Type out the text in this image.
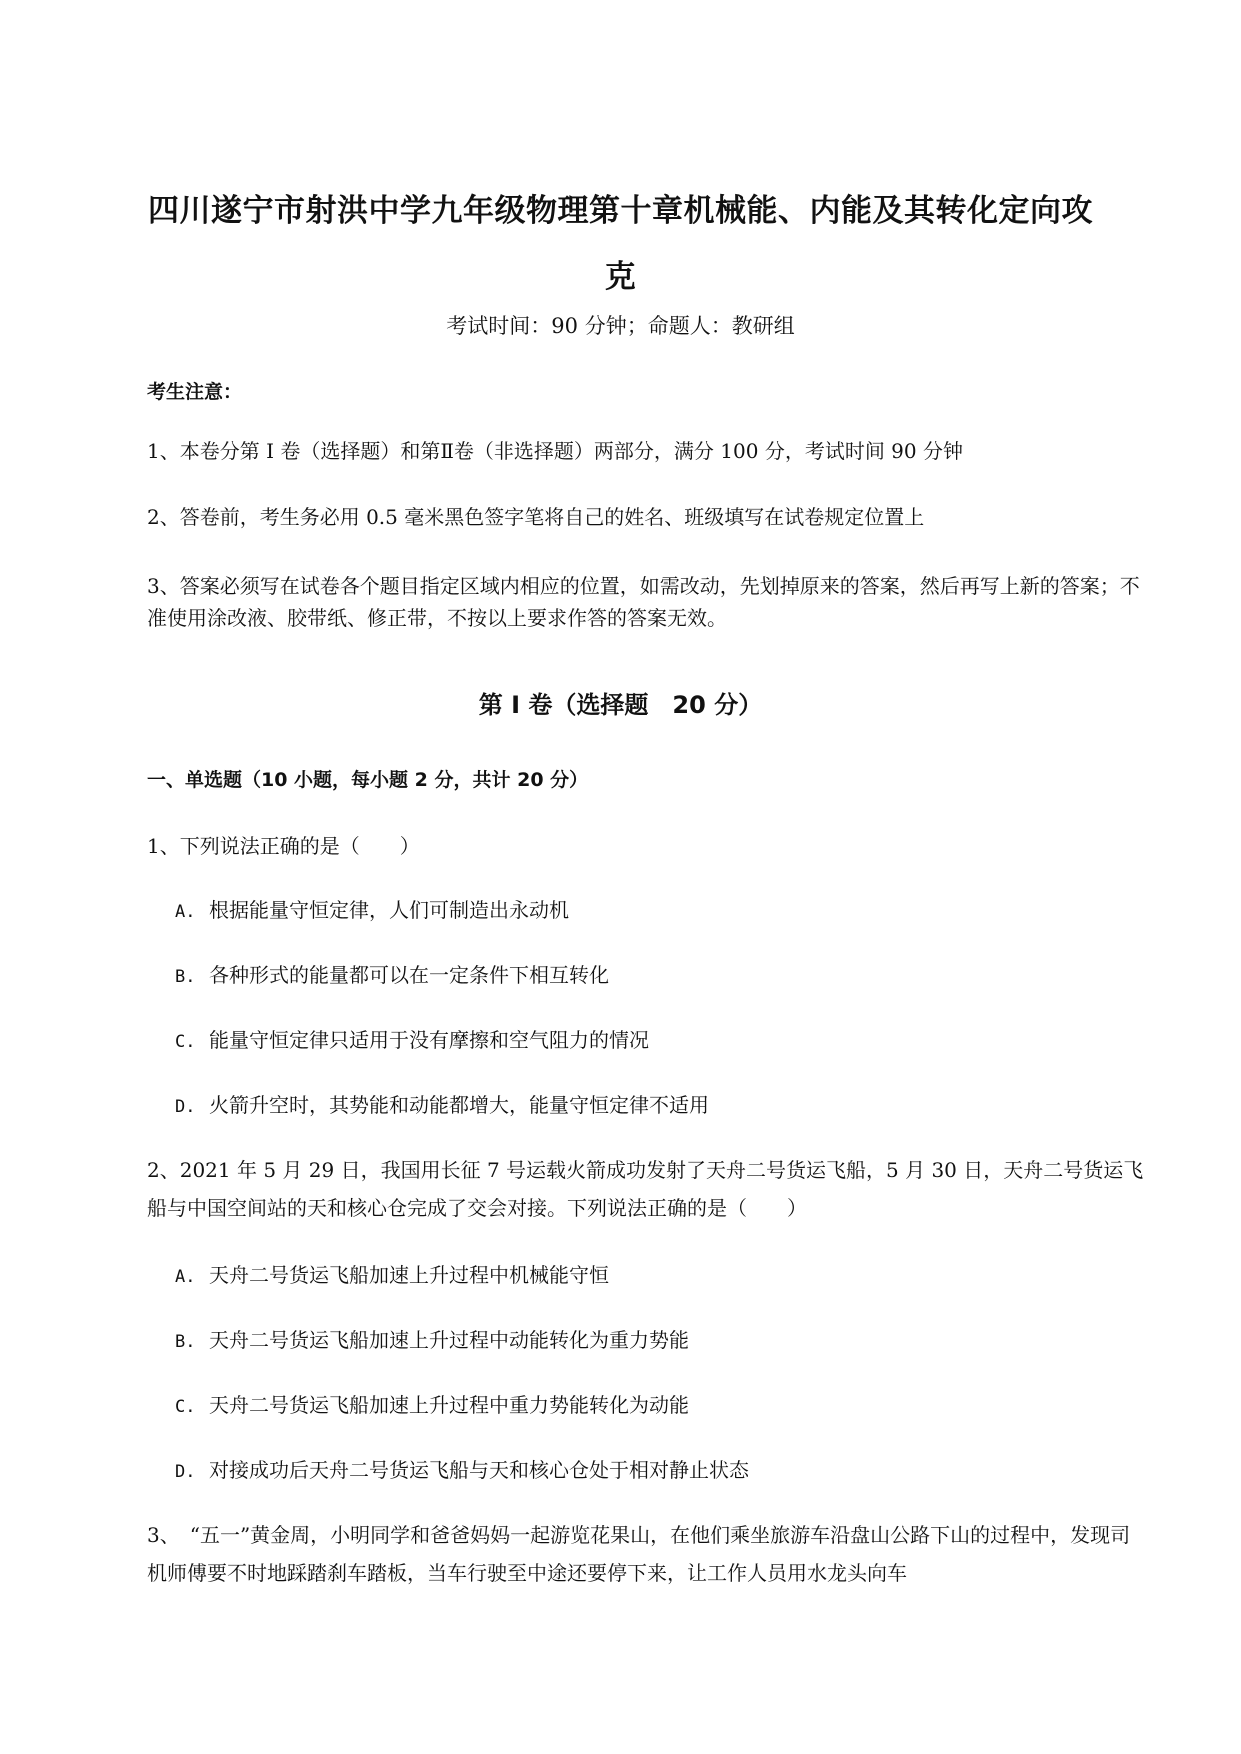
四川遂宁市射洪中学九年级物理第十章机械能、内能及其转化定向攻克
考试时间：90 分钟；命题人：教研组
考生注意：
1、本卷分第 I 卷（选择题）和第Ⅱ卷（非选择题）两部分，满分 100 分，考试时间 90 分钟
2、答卷前，考生务必用 0.5 毫米黑色签字笔将自己的姓名、班级填写在试卷规定位置上
3、答案必须写在试卷各个题目指定区域内相应的位置，如需改动，先划掉原来的答案，然后再写上新的答案；不准使用涂改液、胶带纸、修正带，不按以上要求作答的答案无效。
第 I 卷（选择题　20 分）
一、单选题（10 小题，每小题 2 分，共计 20 分）
1、下列说法正确的是（　　）
A. 根据能量守恒定律，人们可制造出永动机
B. 各种形式的能量都可以在一定条件下相互转化
C. 能量守恒定律只适用于没有摩擦和空气阻力的情况
D. 火箭升空时，其势能和动能都增大，能量守恒定律不适用
2、2021 年 5 月 29 日，我国用长征 7 号运载火箭成功发射了天舟二号货运飞船，5 月 30 日，天舟二号货运飞船与中国空间站的天和核心仓完成了交会对接。下列说法正确的是（　　）
A. 天舟二号货运飞船加速上升过程中机械能守恒
B. 天舟二号货运飞船加速上升过程中动能转化为重力势能
C. 天舟二号货运飞船加速上升过程中重力势能转化为动能
D. 对接成功后天舟二号货运飞船与天和核心仓处于相对静止状态
3、　“五一”黄金周，小明同学和爸爸妈妈一起游览花果山，在他们乘坐旅游车沿盘山公路下山的过程中，发现司机师傅要不时地踩踏刹车踏板，当车行驶至中途还要停下来，让工作人员用水龙头向车
